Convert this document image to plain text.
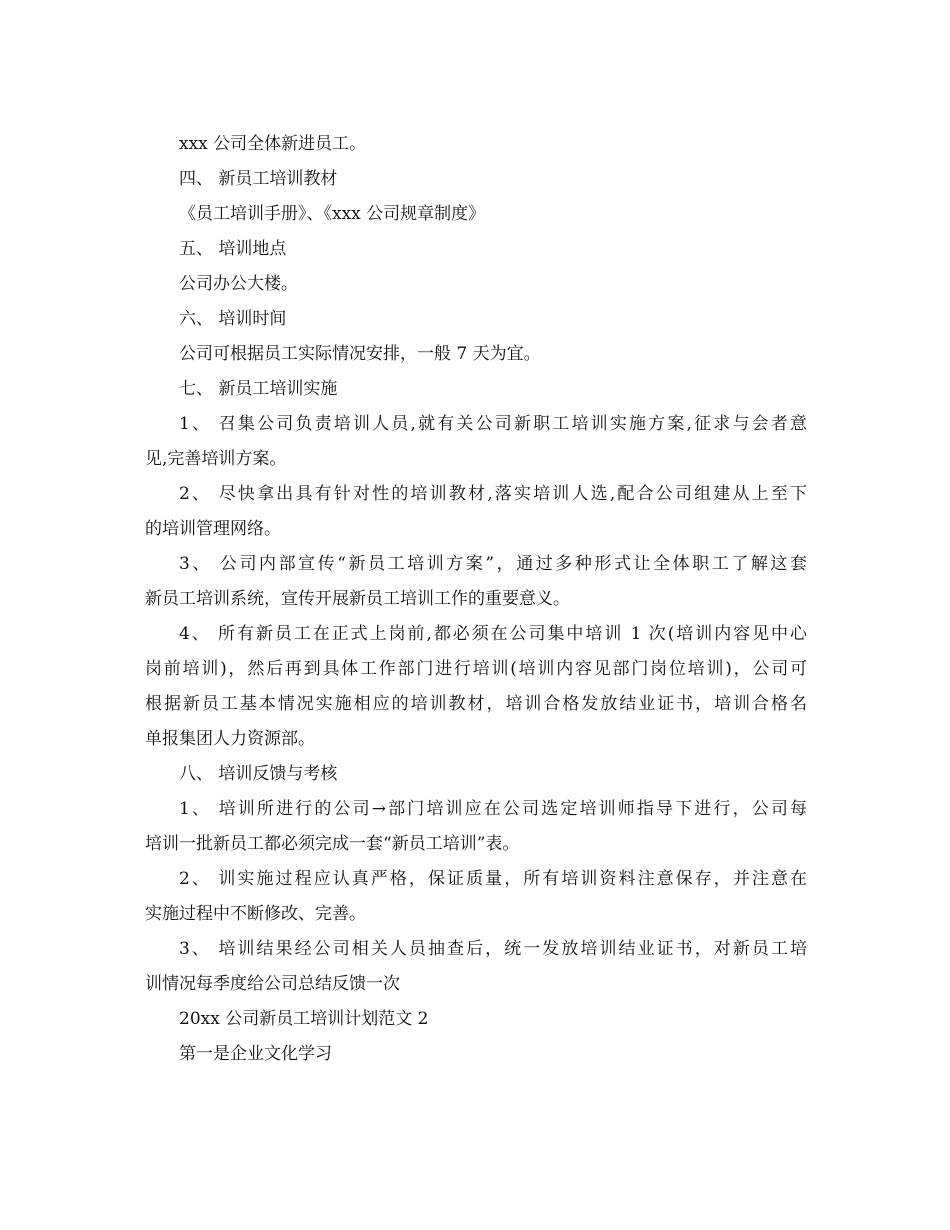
xxx 公司全体新进员工。
四、 新员工培训教材
《员工培训手册》、《xxx 公司规章制度》
五、 培训地点
公司办公大楼。
六、 培训时间
公司可根据员工实际情况安排，一般 7 天为宜。
七、 新员工培训实施
1、 召集公司负责培训人员,就有关公司新职工培训实施方案,征求与会者意
见,完善培训方案。
2、 尽快拿出具有针对性的培训教材,落实培训人选,配合公司组建从上至下
的培训管理网络。
3、 公司内部宣传“新员工培训方案”，通过多种形式让全体职工了解这套
新员工培训系统，宣传开展新员工培训工作的重要意义。
4、 所有新员工在正式上岗前,都必须在公司集中培训 1 次(培训内容见中心
岗前培训)，然后再到具体工作部门进行培训(培训内容见部门岗位培训)，公司可
根据新员工基本情况实施相应的培训教材，培训合格发放结业证书，培训合格名
单报集团人力资源部。
八、 培训反馈与考核
1、 培训所进行的公司→部门培训应在公司选定培训师指导下进行，公司每
培训一批新员工都必须完成一套“新员工培训”表。
2、 训实施过程应认真严格，保证质量，所有培训资料注意保存，并注意在
实施过程中不断修改、完善。
3、 培训结果经公司相关人员抽查后，统一发放培训结业证书，对新员工培
训情况每季度给公司总结反馈一次
20xx 公司新员工培训计划范文 2
第一是企业文化学习
